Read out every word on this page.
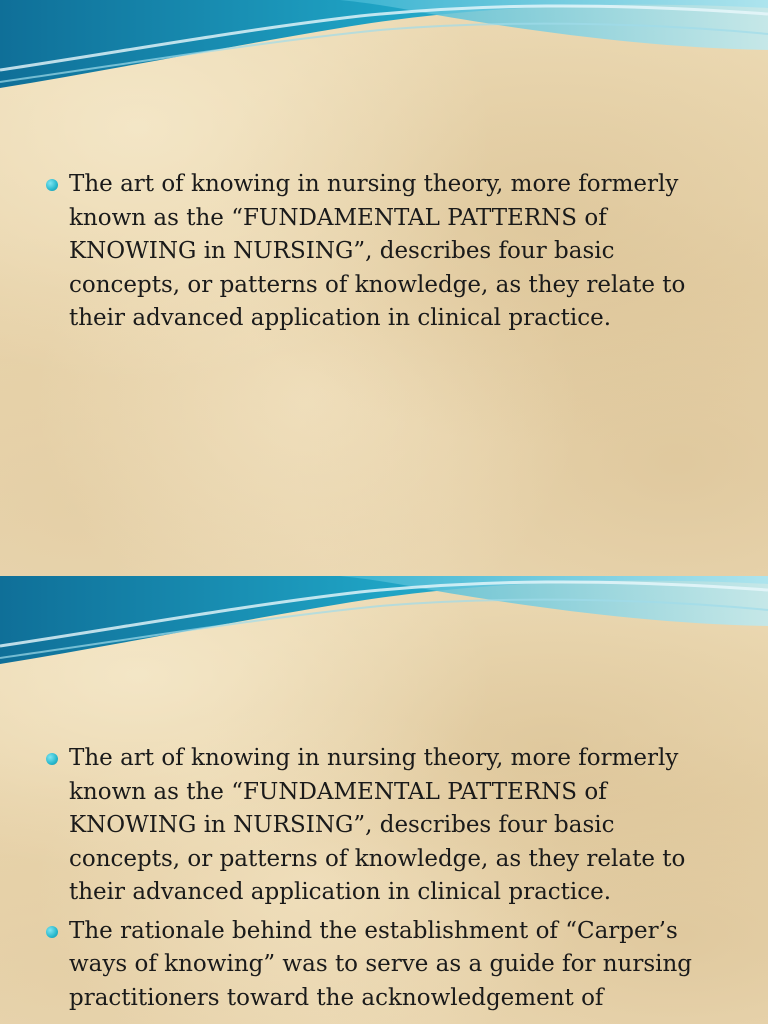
The art of knowing in nursing theory, more formerly
known as the “FUNDAMENTAL PATTERNS of
KNOWING in NURSING”, describes four basic
concepts, or patterns of knowledge, as they relate to
their advanced application in clinical practice.
The art of knowing in nursing theory, more formerly
known as the “FUNDAMENTAL PATTERNS of
KNOWING in NURSING”, describes four basic
concepts, or patterns of knowledge, as they relate to
their advanced application in clinical practice.
The rationale behind the establishment of “Carper’s
ways of knowing” was to serve as a guide for nursing
practitioners toward the acknowledgement of
